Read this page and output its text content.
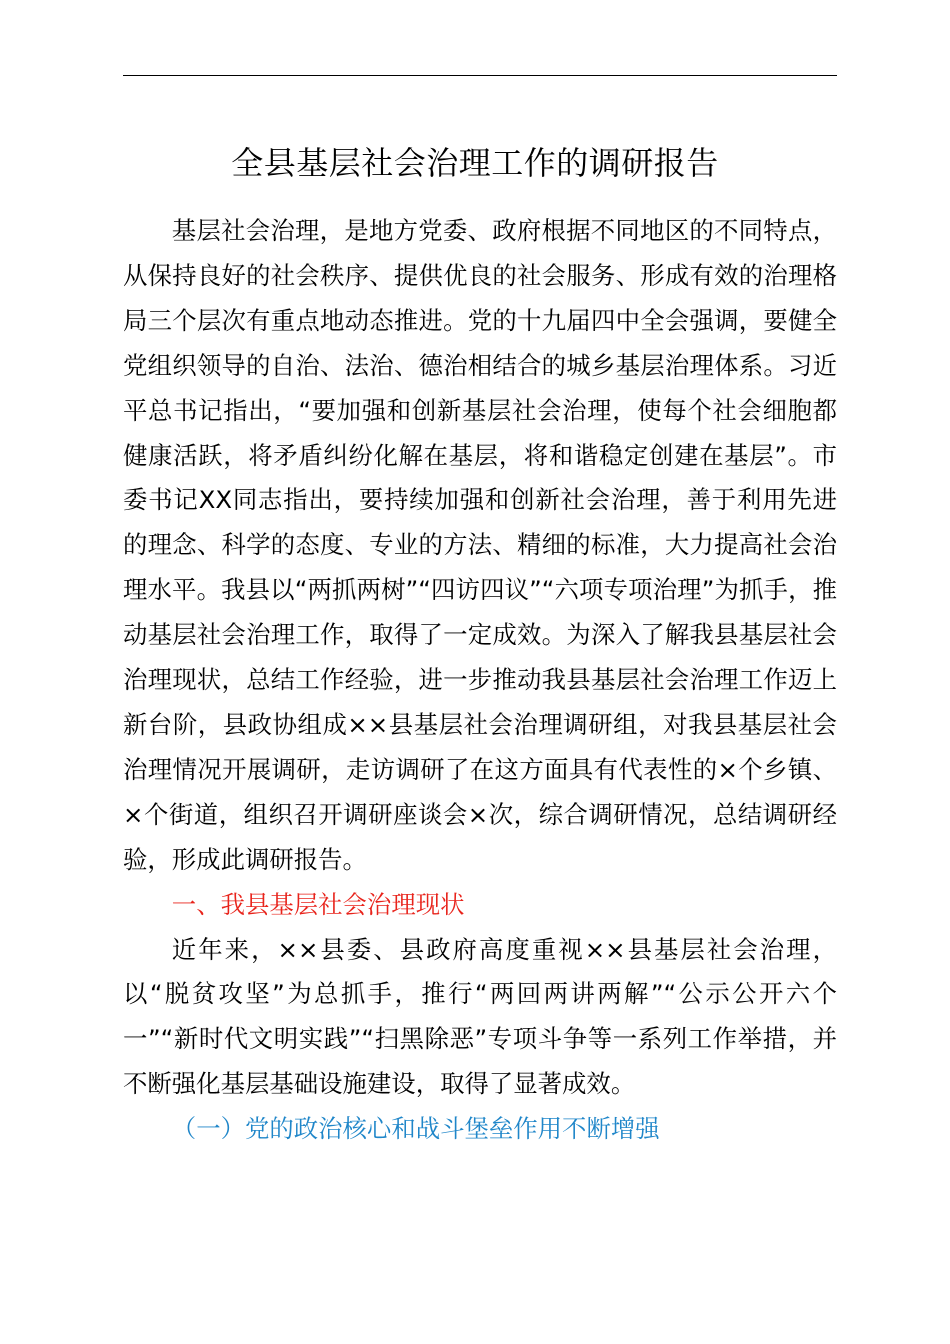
全县基层社会治理工作的调研报告

基层社会治理，是地方党委、政府根据不同地区的不同特点，从保持良好的社会秩序、提供优良的社会服务、形成有效的治理格局三个层次有重点地动态推进。党的十九届四中全会强调，要健全党组织领导的自治、法治、德治相结合的城乡基层治理体系。习近平总书记指出，“要加强和创新基层社会治理，使每个社会细胞都健康活跃，将矛盾纠纷化解在基层，将和谐稳定创建在基层”。市委书记XX同志指出，要持续加强和创新社会治理，善于利用先进的理念、科学的态度、专业的方法、精细的标准，大力提高社会治理水平。我县以“两抓两树”“四访四议”“六项专项治理”为抓手，推动基层社会治理工作，取得了一定成效。为深入了解我县基层社会治理现状，总结工作经验，进一步推动我县基层社会治理工作迈上新台阶，县政协组成××县基层社会治理调研组，对我县基层社会治理情况开展调研，走访调研了在这方面具有代表性的×个乡镇、×个街道，组织召开调研座谈会×次，综合调研情况，总结调研经验，形成此调研报告。

一、我县基层社会治理现状

近年来，××县委、县政府高度重视××县基层社会治理，以“脱贫攻坚”为总抓手，推行“两回两讲两解”“公示公开六个一”“新时代文明实践”“扫黑除恶”专项斗争等一系列工作举措，并不断强化基层基础设施建设，取得了显著成效。

（一）党的政治核心和战斗堡垒作用不断增强
